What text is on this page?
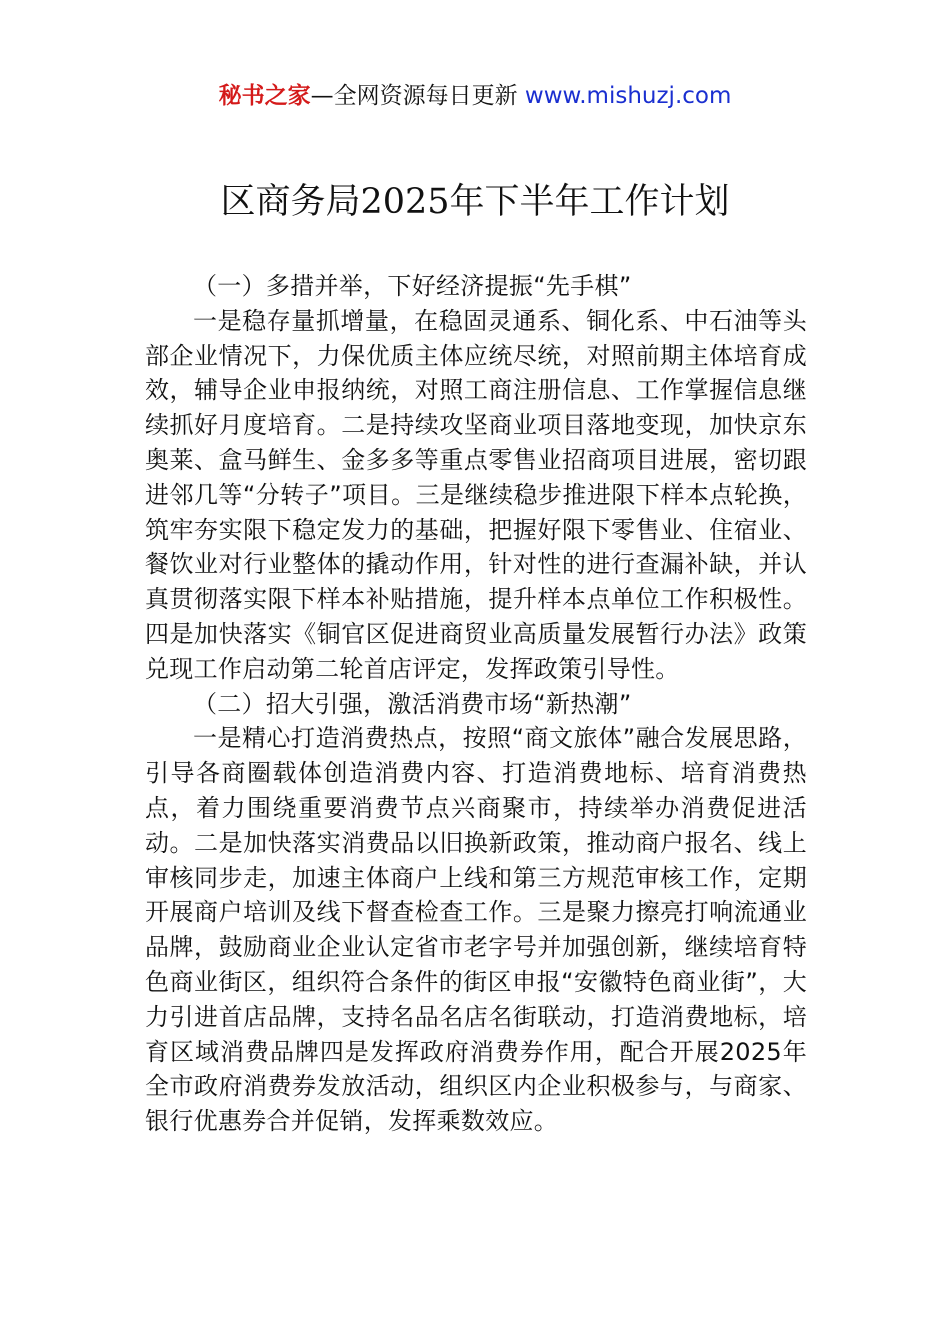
秘书之家—全网资源每日更新 www.mishuzj.com
区商务局2025年下半年工作计划

（一）多措并举，下好经济提振“先手棋”

一是稳存量抓增量，在稳固灵通系、铜化系、中石油等头部企业情况下，力保优质主体应统尽统，对照前期主体培育成效，辅导企业申报纳统，对照工商注册信息、工作掌握信息继续抓好月度培育。二是持续攻坚商业项目落地变现，加快京东奥莱、盒马鲜生、金多多等重点零售业招商项目进展，密切跟进邻几等“分转子”项目。三是继续稳步推进限下样本点轮换，筑牢夯实限下稳定发力的基础，把握好限下零售业、住宿业、餐饮业对行业整体的撬动作用，针对性的进行查漏补缺，并认真贯彻落实限下样本补贴措施，提升样本点单位工作积极性。四是加快落实《铜官区促进商贸业高质量发展暂行办法》政策兑现工作启动第二轮首店评定，发挥政策引导性。

（二）招大引强，激活消费市场“新热潮”

一是精心打造消费热点，按照“商文旅体”融合发展思路，引导各商圈载体创造消费内容、打造消费地标、培育消费热点，着力围绕重要消费节点兴商聚市，持续举办消费促进活动。二是加快落实消费品以旧换新政策，推动商户报名、线上审核同步走，加速主体商户上线和第三方规范审核工作，定期开展商户培训及线下督查检查工作。三是聚力擦亮打响流通业品牌，鼓励商业企业认定省市老字号并加强创新，继续培育特色商业街区，组织符合条件的街区申报“安徽特色商业街”，大力引进首店品牌，支持名品名店名街联动，打造消费地标，培育区域消费品牌四是发挥政府消费券作用，配合开展2025年全市政府消费券发放活动，组织区内企业积极参与，与商家、银行优惠券合并促销，发挥乘数效应。
